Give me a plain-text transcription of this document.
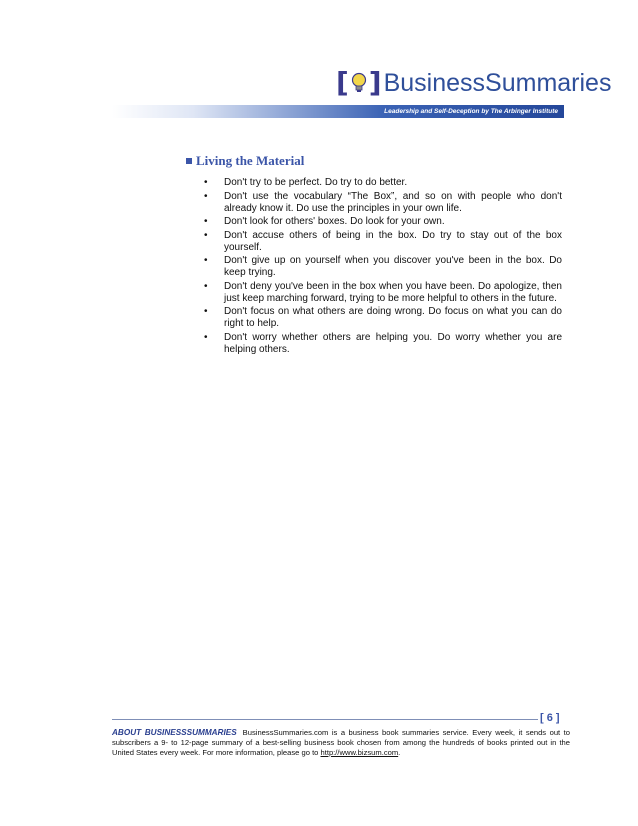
[ ] BusinessSummaries
Leadership and Self-Deception by The Arbinger Institute
Living the Material
• Don't try to be perfect. Do try to do better.
• Don't use the vocabulary “The Box”, and so on with people who don't already know it. Do use the principles in your own life.
• Don't look for others' boxes. Do look for your own.
• Don't accuse others of being in the box. Do try to stay out of the box yourself.
• Don't give up on yourself when you discover you've been in the box. Do keep trying.
• Don't deny you've been in the box when you have been. Do apologize, then just keep marching forward, trying to be more helpful to others in the future.
• Don't focus on what others are doing wrong. Do focus on what you can do right to help.
• Don't worry whether others are helping you. Do worry whether you are helping others.
[ 6 ]
ABOUT BUSINESSSUMMARIES BusinessSummaries.com is a business book summaries service. Every week, it sends out to subscribers a 9- to 12-page summary of a best-selling business book chosen from among the hundreds of books printed out in the United States every week. For more information, please go to http://www.bizsum.com.
